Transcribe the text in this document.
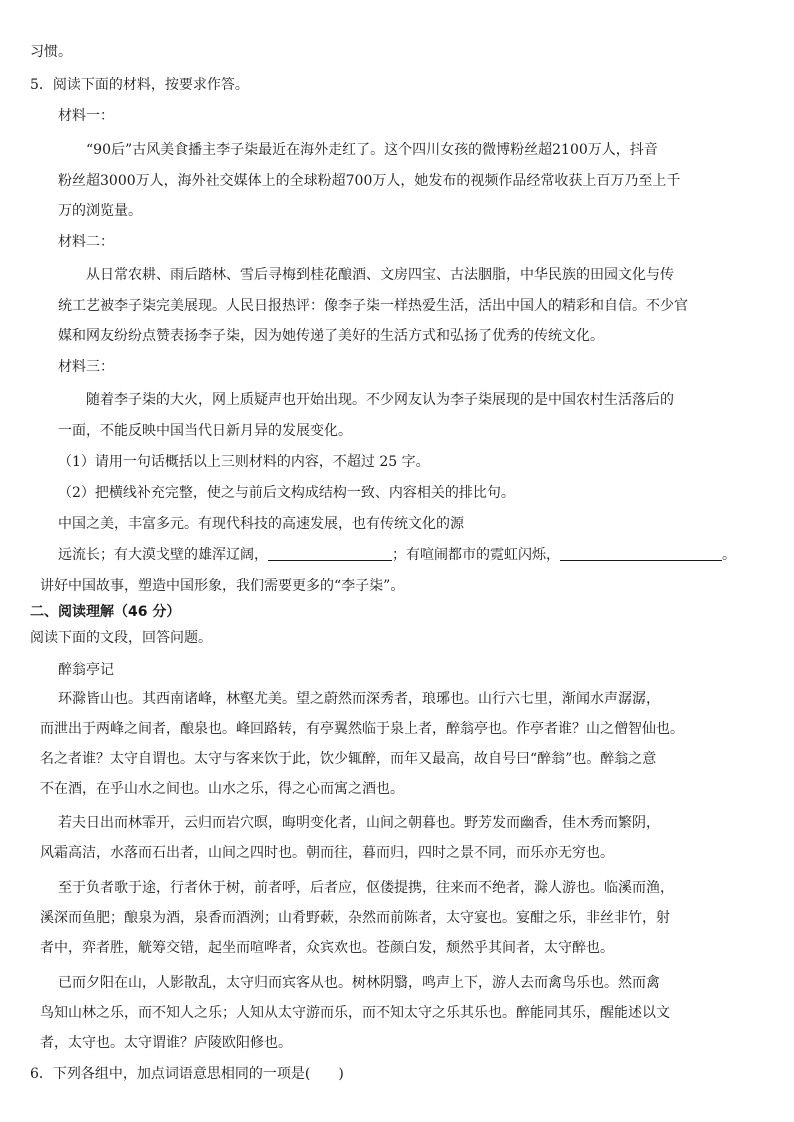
习惯。
5．阅读下面的材料，按要求作答。
材料一：
“90后”古风美食播主李子柒最近在海外走红了。这个四川女孩的微博粉丝超2100万人，抖音
粉丝超3000万人，海外社交媒体上的全球粉超700万人，她发布的视频作品经常收获上百万乃至上千
万的浏览量。
材料二：
从日常农耕、雨后踏林、雪后寻梅到桂花酿酒、文房四宝、古法胭脂，中华民族的田园文化与传
统工艺被李子柒完美展现。人民日报热评：像李子柒一样热爱生活，活出中国人的精彩和自信。不少官
媒和网友纷纷点赞表扬李子柒，因为她传递了美好的生活方式和弘扬了优秀的传统文化。
材料三：
随着李子柒的大火，网上质疑声也开始出现。不少网友认为李子柒展现的是中国农村生活落后的
一面，不能反映中国当代日新月异的发展变化。
（1）请用一句话概括以上三则材料的内容，不超过 25 字。
（2）把横线补充完整，使之与前后文构成结构一致、内容相关的排比句。
中国之美，丰富多元。有现代科技的高速发展，也有传统文化的源
远流长；有大漠戈壁的雄浑辽阔，	；有喧闹都市的霓虹闪烁，	。
讲好中国故事，塑造中国形象，我们需要更多的“李子柒”。
二、阅读理解（46 分）
阅读下面的文段，回答问题。
醉翁亭记
环滁皆山也。其西南诸峰，林壑尤美。望之蔚然而深秀者，琅琊也。山行六七里，渐闻水声潺潺，
而泄出于两峰之间者，酿泉也。峰回路转，有亭翼然临于泉上者，醉翁亭也。作亭者谁？山之僧智仙也。
名之者谁？太守自谓也。太守与客来饮于此，饮少辄醉，而年又最高，故自号曰“醉翁”也。醉翁之意
不在酒，在乎山水之间也。山水之乐，得之心而寓之酒也。
若夫日出而林霏开，云归而岩穴暝，晦明变化者，山间之朝暮也。野芳发而幽香，佳木秀而繁阴，
风霜高洁，水落而石出者，山间之四时也。朝而往，暮而归，四时之景不同，而乐亦无穷也。
至于负者歌于途，行者休于树，前者呼，后者应，伛偻提携，往来而不绝者，滁人游也。临溪而渔，
溪深而鱼肥；酿泉为酒，泉香而酒洌；山肴野蔌，杂然而前陈者，太守宴也。宴酣之乐，非丝非竹，射
者中，弈者胜，觥筹交错，起坐而喧哗者，众宾欢也。苍颜白发，颓然乎其间者，太守醉也。
已而夕阳在山，人影散乱，太守归而宾客从也。树林阴翳，鸣声上下，游人去而禽鸟乐也。然而禽
鸟知山林之乐，而不知人之乐；人知从太守游而乐，而不知太守之乐其乐也。醉能同其乐，醒能述以文
者，太守也。太守谓谁？庐陵欧阳修也。
6．下列各组中，加点词语意思相同的一项是(　　)
